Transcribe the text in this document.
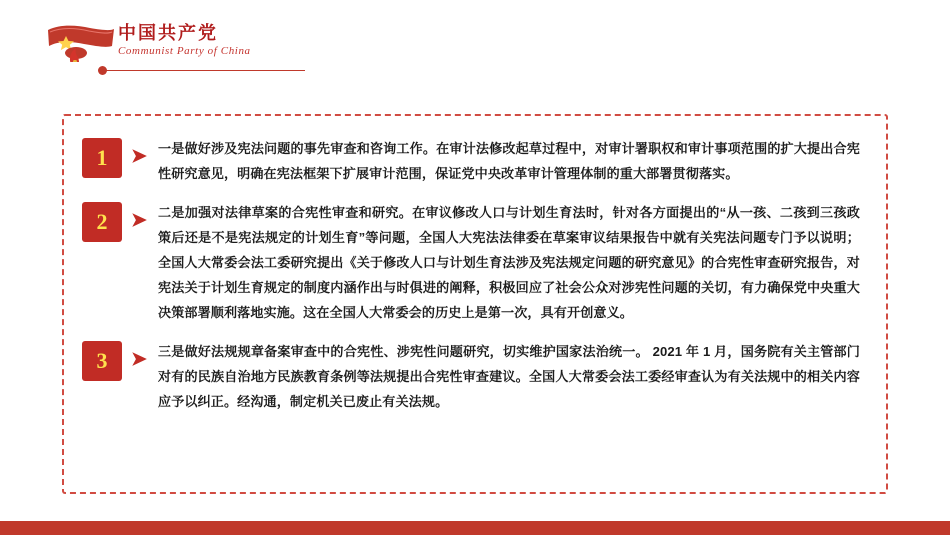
中国共产党
Communist Party of China
1	➤ 一是做好涉及宪法问题的事先审查和咨询工作。在审计法修改起草过程中，对审计署职权和审计事项范围的扩大提出合宪性研究意见，明确在宪法框架下扩展审计范围，保证党中央改革审计管理体制的重大部署贯彻落实。
2	➤ 二是加强对法律草案的合宪性审查和研究。在审议修改人口与计划生育法时，针对各方面提出的“从一孩、二孩到三孩政策后还是不是宪法规定的计划生育”等问题，全国人大宪法法律委在草案审议结果报告中就有关宪法问题专门予以说明；全国人大常委会法工委研究提出《关于修改人口与计划生育法涉及宪法规定问题的研究意见》的合宪性审查研究报告，对宪法关于计划生育规定的制度内涵作出与时俱进的阐释，积极回应了社会公众对涉宪性问题的关切，有力确保党中央重大决策部署顺利落地实施。这在全国人大常委会的历史上是第一次，具有开创意义。
3	➤ 三是做好法规规章备案审查中的合宪性、涉宪性问题研究，切实维护国家法治统一。 2021 年 1 月，国务院有关主管部门对有的民族自治地方民族教育条例等法规提出合宪性审查建议。全国人大常委会法工委经审查认为有关法规中的相关内容应予以纠正。经沟通，制定机关已废止有关法规。
